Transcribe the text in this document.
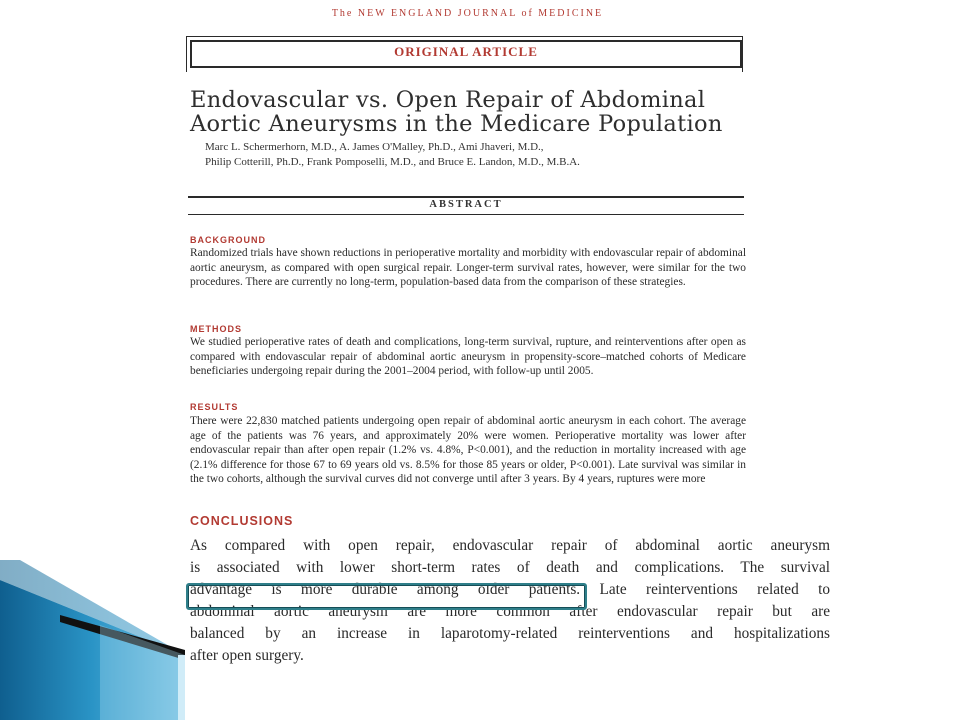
The NEW ENGLAND JOURNAL of MEDICINE
ORIGINAL ARTICLE
Endovascular vs. Open Repair of Abdominal
Aortic Aneurysms in the Medicare Population
Marc L. Schermerhorn, M.D., A. James O'Malley, Ph.D., Ami Jhaveri, M.D.,
Philip Cotterill, Ph.D., Frank Pomposelli, M.D., and Bruce E. Landon, M.D., M.B.A.
ABSTRACT
BACKGROUND
Randomized trials have shown reductions in perioperative mortality and morbidity with endovascular repair of abdominal aortic aneurysm, as compared with open surgical repair. Longer-term survival rates, however, were similar for the two procedures. There are currently no long-term, population-based data from the comparison of these strategies.
METHODS
We studied perioperative rates of death and complications, long-term survival, rupture, and reinterventions after open as compared with endovascular repair of abdominal aortic aneurysm in propensity-score–matched cohorts of Medicare beneficiaries undergoing repair during the 2001–2004 period, with follow-up until 2005.
RESULTS
There were 22,830 matched patients undergoing open repair of abdominal aortic aneurysm in each cohort. The average age of the patients was 76 years, and approximately 20% were women. Perioperative mortality was lower after endovascular repair than after open repair (1.2% vs. 4.8%, P<0.001), and the reduction in mortality increased with age (2.1% difference for those 67 to 69 years old vs. 8.5% for those 85 years or older, P<0.001). Late survival was similar in the two cohorts, although the survival curves did not converge until after 3 years. By 4 years, ruptures were more
CONCLUSIONS
As compared with open repair, endovascular repair of abdominal aortic aneurysm
is associated with lower short-term rates of death and complications. The survival
advantage is more durable among older patients. Late reinterventions related to
abdominal aortic aneurysm are more common after endovascular repair but are
balanced by an increase in laparotomy-related reinterventions and hospitalizations
after open surgery.
